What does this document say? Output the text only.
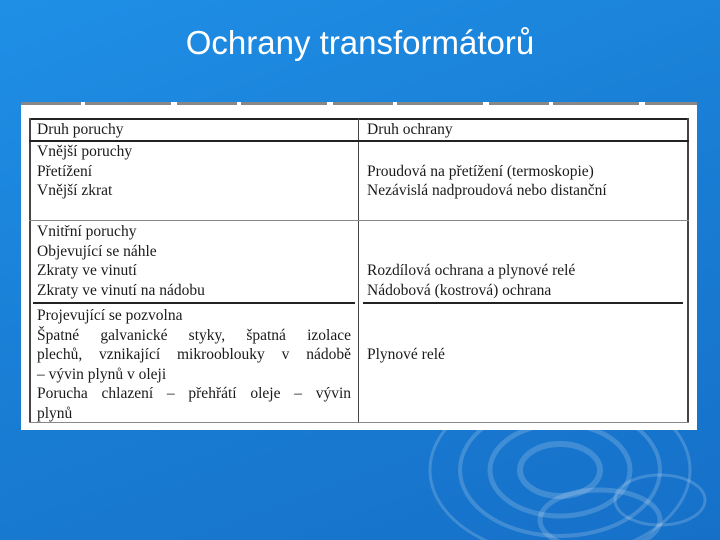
Ochrany transformátorů
Druh poruchy	Druh ochrany
Vnější poruchy
Přetížení
Vnější zkrat

Proudová na přetížení (termoskopie)
Nezávislá nadproudová nebo distanční
Vnitřní poruchy
Objevující se náhle
Zkraty ve vinutí
Zkraty ve vinutí na nádobu

Rozdílová ochrana a plynové relé
Nádobová (kostrová) ochrana
Projevující se pozvolna
Špatné galvanické styky, špatná izolace
plechů, vznikající mikrooblouky v nádobě
– vývin plynů v oleji
Porucha chlazení – přehřátí oleje – vývin
plynů

Plynové relé
